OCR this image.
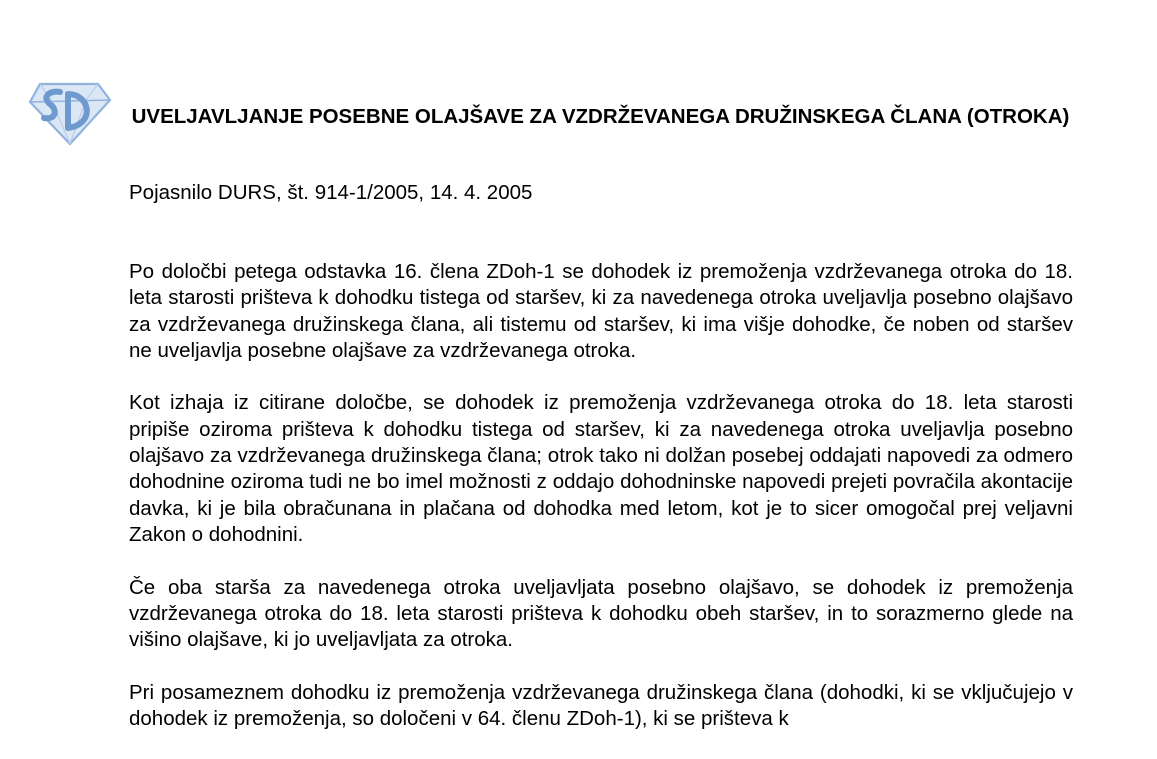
UVELJAVLJANJE POSEBNE OLAJŠAVE ZA VZDRŽEVANEGA DRUŽINSKEGA ČLANA (OTROKA)

Pojasnilo DURS, št. 914-1/2005, 14. 4. 2005

Po določbi petega odstavka 16. člena ZDoh-1 se dohodek iz premoženja vzdrževanega otroka do 18. leta starosti prišteva k dohodku tistega od staršev, ki za navedenega otroka uveljavlja posebno olajšavo za vzdrževanega družinskega člana, ali tistemu od staršev, ki ima višje dohodke, če noben od staršev ne uveljavlja posebne olajšave za vzdrževanega otroka.

Kot izhaja iz citirane določbe, se dohodek iz premoženja vzdrževanega otroka do 18. leta starosti pripiše oziroma prišteva k dohodku tistega od staršev, ki za navedenega otroka uveljavlja posebno olajšavo za vzdrževanega družinskega člana; otrok tako ni dolžan posebej oddajati napovedi za odmero dohodnine oziroma tudi ne bo imel možnosti z oddajo dohodninske napovedi prejeti povračila akontacije davka, ki je bila obračunana in plačana od dohodka med letom, kot je to sicer omogočal prej veljavni Zakon o dohodnini.

Če oba starša za navedenega otroka uveljavljata posebno olajšavo, se dohodek iz premoženja vzdrževanega otroka do 18. leta starosti prišteva k dohodku obeh staršev, in to sorazmerno glede na višino olajšave, ki jo uveljavljata za otroka.

Pri posameznem dohodku iz premoženja vzdrževanega družinskega člana (dohodki, ki se vključujejo v dohodek iz premoženja, so določeni v 64. členu ZDoh-1), ki se prišteva k
